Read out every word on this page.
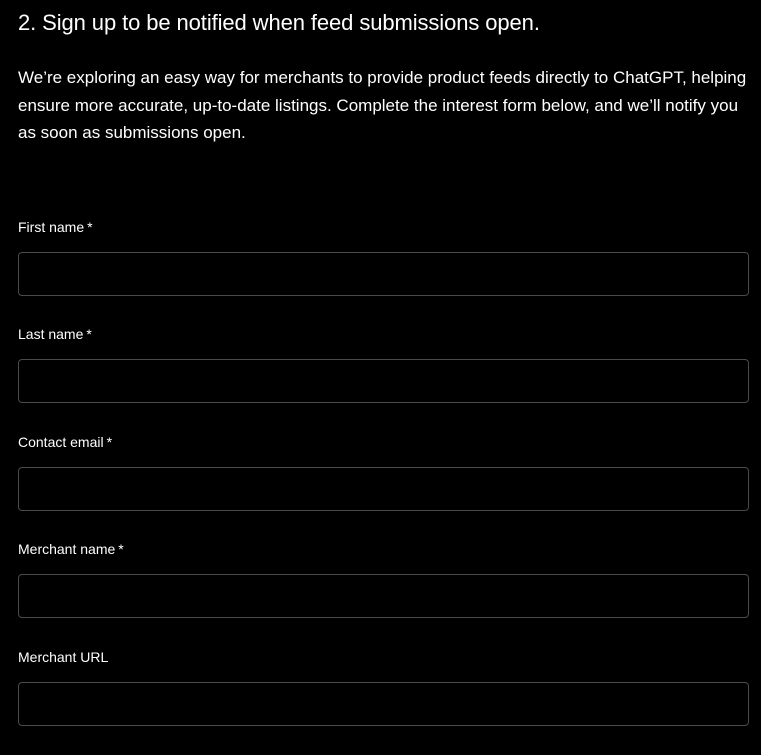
2. Sign up to be notified when feed submissions open.

We’re exploring an easy way for merchants to provide product feeds directly to ChatGPT, helping ensure more accurate, up-to-date listings. Complete the interest form below, and we’ll notify you as soon as submissions open.

First name *
Last name *
Contact email *
Merchant name *
Merchant URL
